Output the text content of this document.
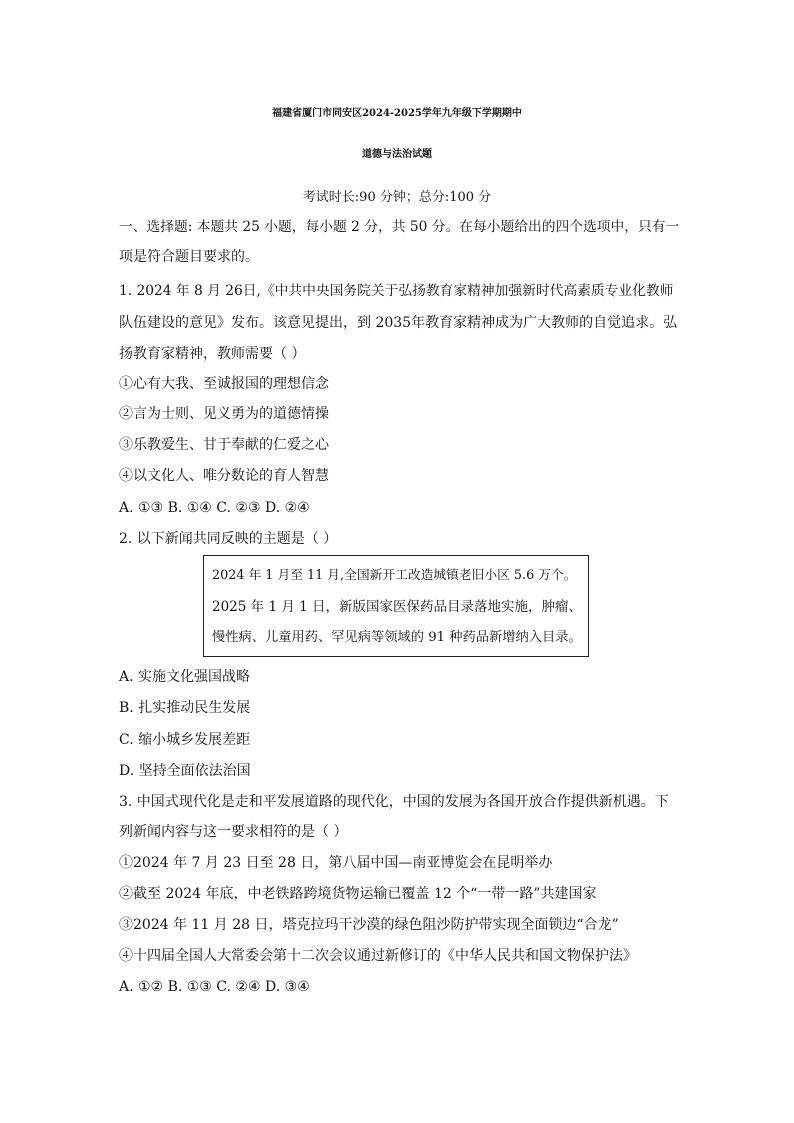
福建省厦门市同安区2024-2025学年九年级下学期期中
道德与法治试题
考试时长:90 分钟；总分:100 分
一、选择题: 本题共 25 小题，每小题 2 分，共 50 分。在每小题给出的四个选项中，只有一
项是符合题目要求的。
1. 2024 年 8 月 26日,《中共中央国务院关于弘扬教育家精神加强新时代高素质专业化教师
队伍建设的意见》发布。该意见提出，到 2035年教育家精神成为广大教师的自觉追求。弘
扬教育家精神，教师需要（ ）
①心有大我、至诚报国的理想信念
②言为士则、见义勇为的道德情操
③乐教爱生、甘于奉献的仁爱之心
④以文化人、唯分数论的育人智慧
A. ①③ B. ①④ C. ②③ D. ②④
2. 以下新闻共同反映的主题是（ ）
2024 年 1 月至 11 月,全国新开工改造城镇老旧小区 5.6 万个。
2025 年 1 月 1 日，新版国家医保药品目录落地实施，肿瘤、
慢性病、儿童用药、罕见病等领域的 91 种药品新增纳入目录。
A. 实施文化强国战略
B. 扎实推动民生发展
C. 缩小城乡发展差距
D. 坚持全面依法治国
3. 中国式现代化是走和平发展道路的现代化，中国的发展为各国开放合作提供新机遇。下
列新闻内容与这一要求相符的是（ ）
①2024 年 7 月 23 日至 28 日，第八届中国—南亚博览会在昆明举办
②截至 2024 年底，中老铁路跨境货物运输已覆盖 12 个“一带一路”共建国家
③2024 年 11 月 28 日，塔克拉玛干沙漠的绿色阻沙防护带实现全面锁边“合龙”
④十四届全国人大常委会第十二次会议通过新修订的《中华人民共和国文物保护法》
A. ①② B. ①③ C. ②④ D. ③④
